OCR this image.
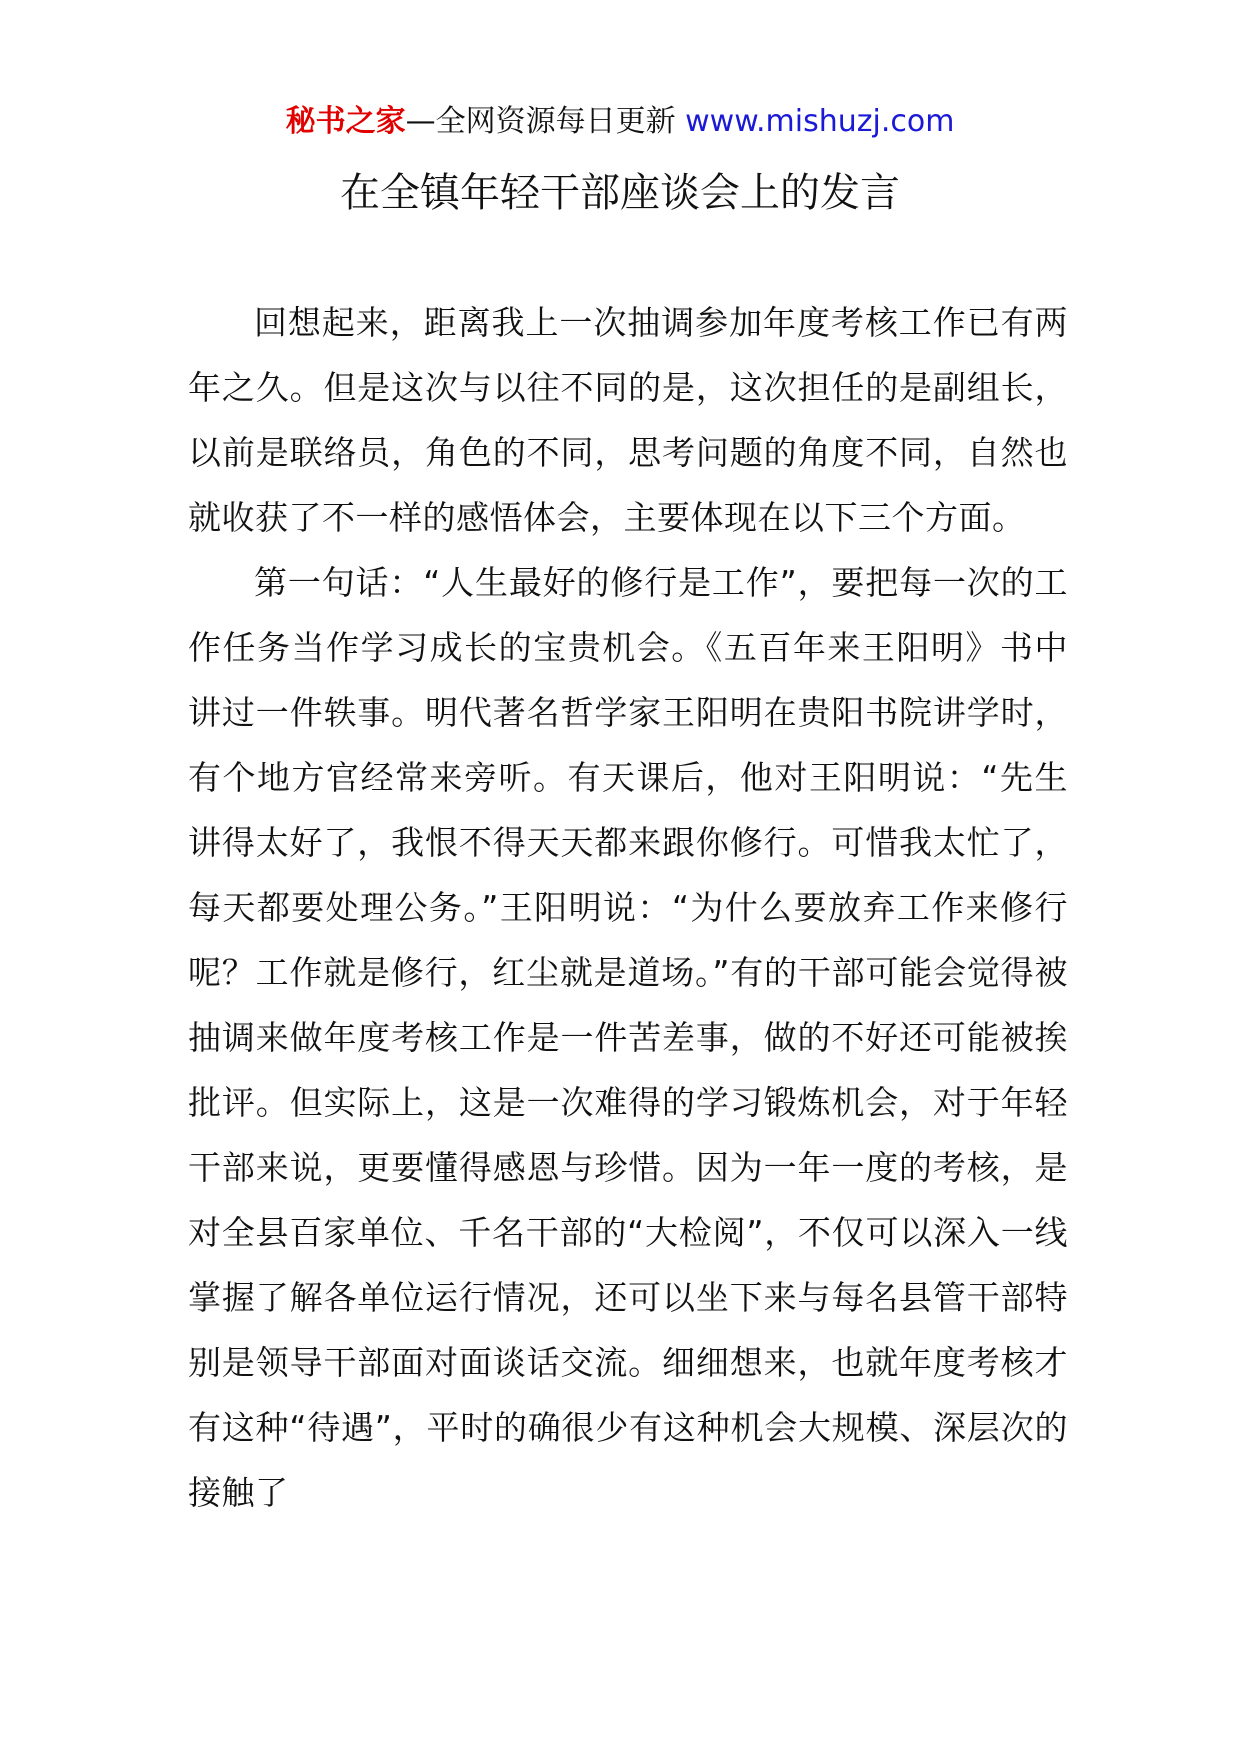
秘书之家—全网资源每日更新 www.mishuzj.com
在全镇年轻干部座谈会上的发言

回想起来，距离我上一次抽调参加年度考核工作已有两年之久。但是这次与以往不同的是，这次担任的是副组长，以前是联络员，角色的不同，思考问题的角度不同，自然也就收获了不一样的感悟体会，主要体现在以下三个方面。

第一句话：“人生最好的修行是工作”，要把每一次的工作任务当作学习成长的宝贵机会。《五百年来王阳明》书中讲过一件轶事。明代著名哲学家王阳明在贵阳书院讲学时，有个地方官经常来旁听。有天课后，他对王阳明说：“先生讲得太好了，我恨不得天天都来跟你修行。可惜我太忙了，每天都要处理公务。”王阳明说：“为什么要放弃工作来修行呢？工作就是修行，红尘就是道场。”有的干部可能会觉得被抽调来做年度考核工作是一件苦差事，做的不好还可能被挨批评。但实际上，这是一次难得的学习锻炼机会，对于年轻干部来说，更要懂得感恩与珍惜。因为一年一度的考核，是对全县百家单位、千名干部的“大检阅”，不仅可以深入一线掌握了解各单位运行情况，还可以坐下来与每名县管干部特别是领导干部面对面谈话交流。细细想来，也就年度考核才有这种“待遇”，平时的确很少有这种机会大规模、深层次的接触了
